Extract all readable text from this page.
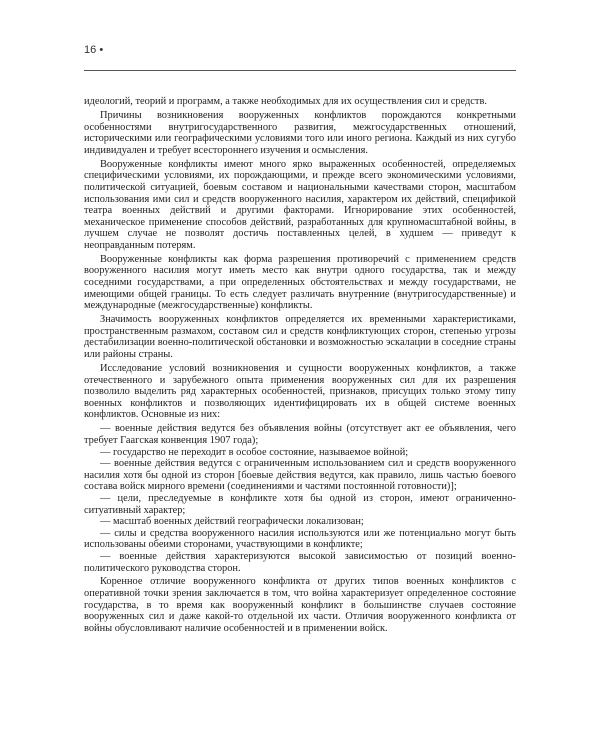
16 •

идеологий, теорий и программ, а также необходимых для их осуществления сил и средств.

Причины возникновения вооруженных конфликтов порождаются конкретными особенностями внутригосударственного развития, межгосударственных отношений, историческими или географическими условиями того или иного региона. Каждый из них сугубо индивидуален и требует всестороннего изучения и осмысления.

Вооруженные конфликты имеют много ярко выраженных особенностей, определяемых специфическими условиями, их порождающими, и прежде всего экономическими условиями, политической ситуацией, боевым составом и национальными качествами сторон, масштабом использования ими сил и средств вооруженного насилия, характером их действий, спецификой театра военных действий и другими факторами. Игнорирование этих особенностей, механическое применение способов действий, разработанных для крупномасштабной войны, в лучшем случае не позволят достичь поставленных целей, в худшем — приведут к неоправданным потерям.

Вооруженные конфликты как форма разрешения противоречий с применением средств вооруженного насилия могут иметь место как внутри одного государства, так и между соседними государствами, а при определенных обстоятельствах и между государствами, не имеющими общей границы. То есть следует различать внутренние (внутригосударственные) и международные (межгосударственные) конфликты.

Значимость вооруженных конфликтов определяется их временными характеристиками, пространственным размахом, составом сил и средств конфликтующих сторон, степенью угрозы дестабилизации военно-политической обстановки и возможностью эскалации в соседние страны или районы страны.

Исследование условий возникновения и сущности вооруженных конфликтов, а также отечественного и зарубежного опыта применения вооруженных сил для их разрешения позволило выделить ряд характерных особенностей, признаков, присущих только этому типу военных конфликтов и позволяющих идентифицировать их в общей системе военных конфликтов. Основные из них:

— военные действия ведутся без объявления войны (отсутствует акт ее объявления, чего требует Гаагская конвенция 1907 года);

— государство не переходит в особое состояние, называемое войной;

— военные действия ведутся с ограниченным использованием сил и средств вооруженного насилия хотя бы одной из сторон [боевые действия ведутся, как правило, лишь частью боевого состава войск мирного времени (соединениями и частями постоянной готовности)];

— цели, преследуемые в конфликте хотя бы одной из сторон, имеют ограниченно-ситуативный характер;

— масштаб военных действий географически локализован;

— силы и средства вооруженного насилия используются или же потенциально могут быть использованы обеими сторонами, участвующими в конфликте;

— военные действия характеризуются высокой зависимостью от позиций военно-политического руководства сторон.

Коренное отличие вооруженного конфликта от других типов военных конфликтов с оперативной точки зрения заключается в том, что война характеризует определенное состояние государства, в то время как вооруженный конфликт в большинстве случаев состояние вооруженных сил и даже какой-то отдельной их части. Отличия вооруженного конфликта от войны обусловливают наличие особенностей и в применении войск.
